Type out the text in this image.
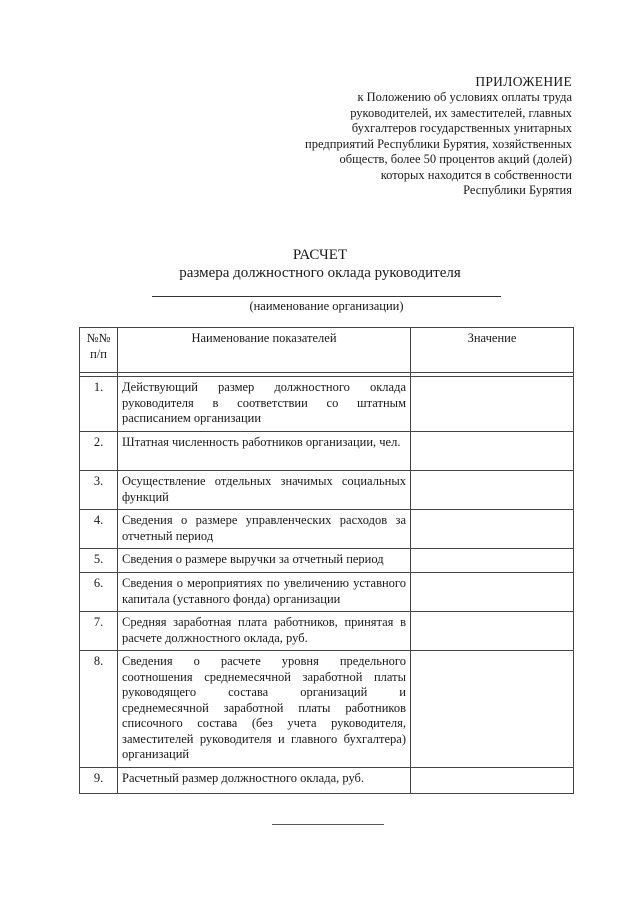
ПРИЛОЖЕНИЕ
к Положению об условиях оплаты труда
руководителей, их заместителей, главных
бухгалтеров государственных унитарных
предприятий Республики Бурятия, хозяйственных
обществ, более 50 процентов акций (долей)
которых находится в собственности
Республики Бурятия
РАСЧЕТ
размера должностного оклада руководителя
(наименование организации)
№№ п/п	Наименование показателей	Значение

1.	Действующий размер должностного оклада руководителя в соответствии со штатным расписанием организации	
2.	Штатная численность работников организации, чел.	
3.	Осуществление отдельных значимых социальных функций	
4.	Сведения о размере управленческих расходов за отчетный период	
5.	Сведения о размере выручки за отчетный период	
6.	Сведения о мероприятиях по увеличению уставного капитала (уставного фонда) организации	
7.	Средняя заработная плата работников, принятая в расчете должностного оклада, руб.	
8.	Сведения о расчете уровня предельного соотношения среднемесячной заработной платы руководящего состава организаций и среднемесячной заработной платы работников списочного состава (без учета руководителя, заместителей руководителя и главного бухгалтера) организаций	
9.	Расчетный размер должностного оклада, руб.	
